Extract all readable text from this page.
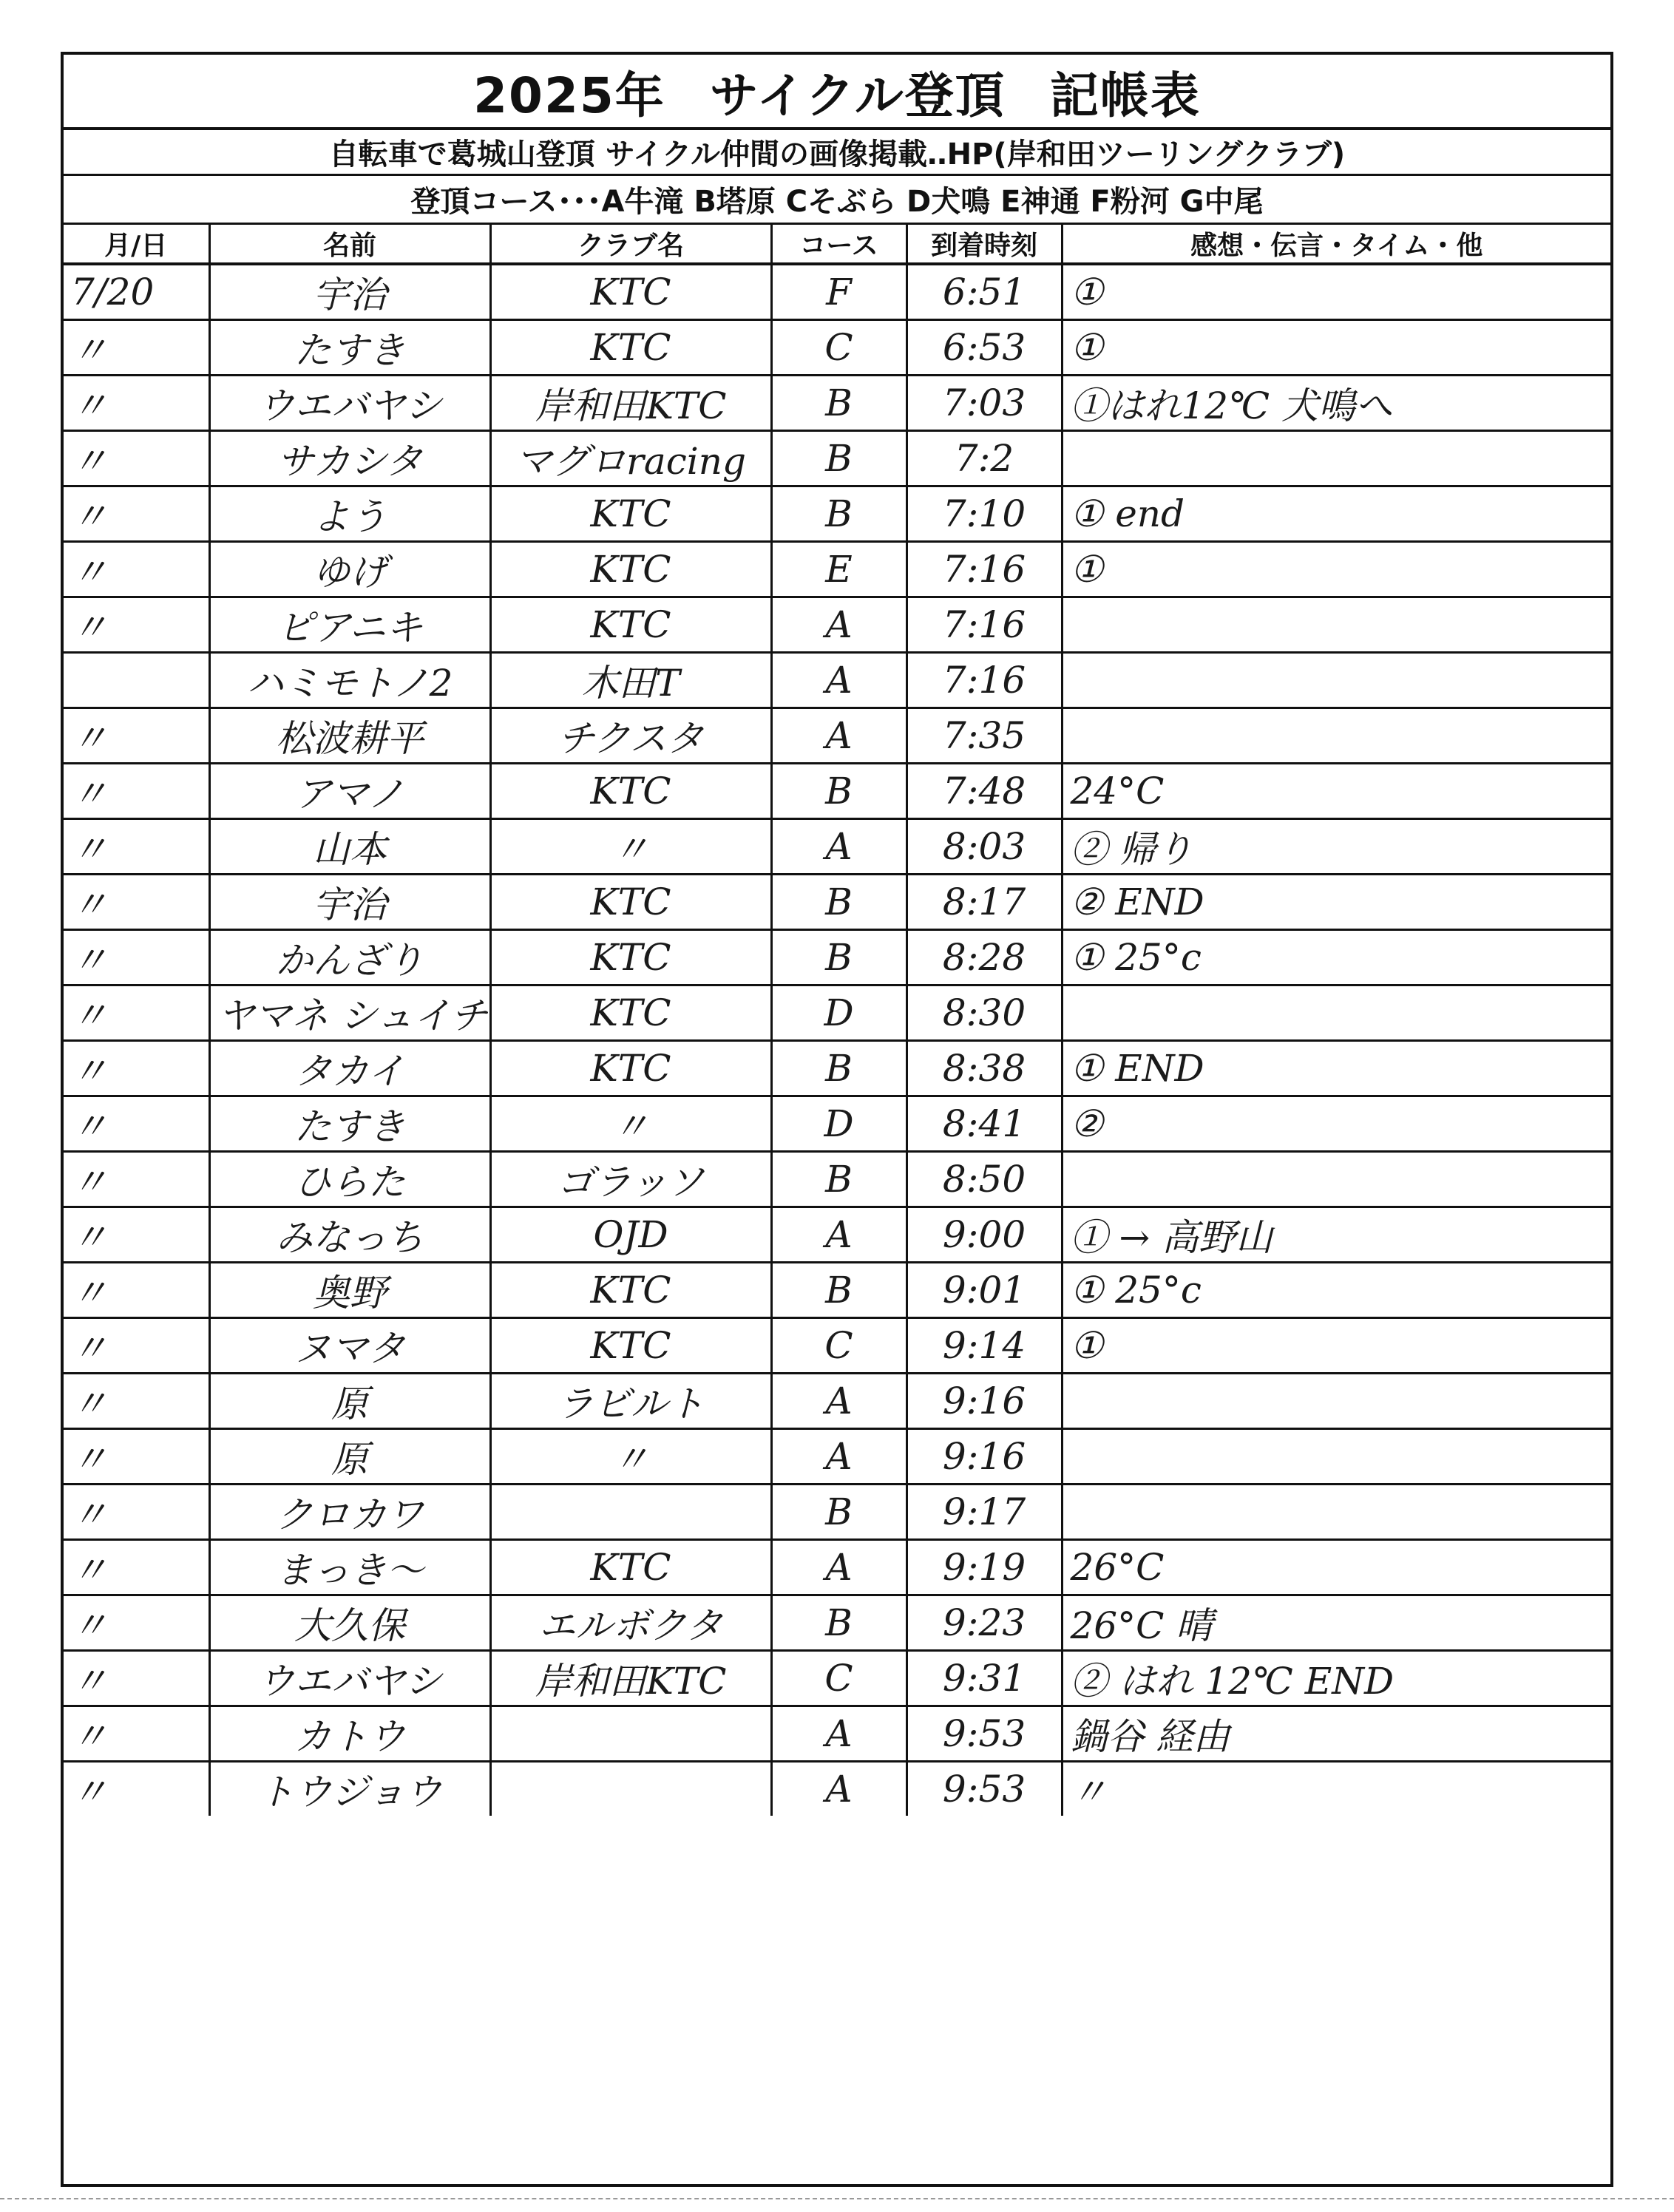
2025年 サイクル登頂 記帳表
自転車で葛城山登頂 サイクル仲間の画像掲載‥HP(岸和田ツーリングクラブ)
登頂コース･･･A牛滝 B塔原 Cそぶら D犬鳴 E神通 F粉河 G中尾
月/日	名前	クラブ名	コース	到着時刻	感想・伝言・タイム・他
7/20	宇治	KTC	F	6:51	①
〃	たすき	KTC	C	6:53	①
〃	ウエバヤシ	岸和田KTC	B	7:03	①はれ12℃ 犬鳴へ
〃	サカシタ	マグロracing	B	7:2	
〃	よう	KTC	B	7:10	① end
〃	ゆげ	KTC	E	7:16	①
〃	ピアニキ	KTC	A	7:16	
	ハミモトノ2	木田T	A	7:16	
〃	松波耕平	チクスタ	A	7:35	
〃	アマノ	KTC	B	7:48	24°C
〃	山本	〃	A	8:03	② 帰り
〃	宇治	KTC	B	8:17	② END
〃	かんざり	KTC	B	8:28	① 25°c
〃	ヤマネ シュイチ	KTC	D	8:30	
〃	タカイ	KTC	B	8:38	① END
〃	たすき	〃	D	8:41	②
〃	ひらた	ゴラッソ	B	8:50	
〃	みなっち	OJD	A	9:00	① → 高野山
〃	奥野	KTC	B	9:01	① 25°c
〃	ヌマタ	KTC	C	9:14	①
〃	原	ラビルト	A	9:16	
〃	原	〃	A	9:16	
〃	クロカワ		B	9:17	
〃	まっき〜	KTC	A	9:19	26°C
〃	大久保	エルボクタ	B	9:23	26°C 晴
〃	ウエバヤシ	岸和田KTC	C	9:31	② はれ 12℃ END
〃	カトウ		A	9:53	鍋谷 経由
〃	トウジョウ		A	9:53	〃
